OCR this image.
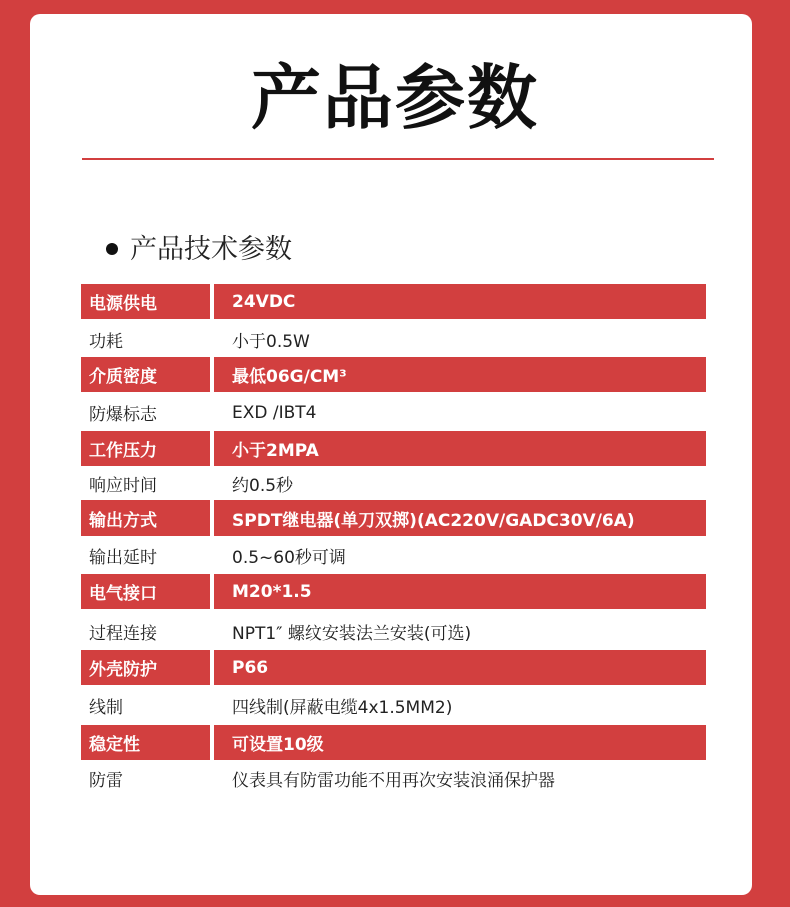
产品参数
产品技术参数
电源供电	24VDC
功耗	小于0.5W
介质密度	最低06G/CM³
防爆标志	EXD /IBT4
工作压力	小于2MPA
响应时间	约0.5秒
输出方式	SPDT继电器(单刀双掷)(AC220V/GADC30V/6A)
输出延时	0.5~60秒可调
电气接口	M20*1.5
过程连接	NPT1″ 螺纹安装法兰安装(可选)
外壳防护	P66
线制	四线制(屏蔽电缆4x1.5MM2)
稳定性	可设置10级
防雷	仪表具有防雷功能不用再次安装浪涌保护器
